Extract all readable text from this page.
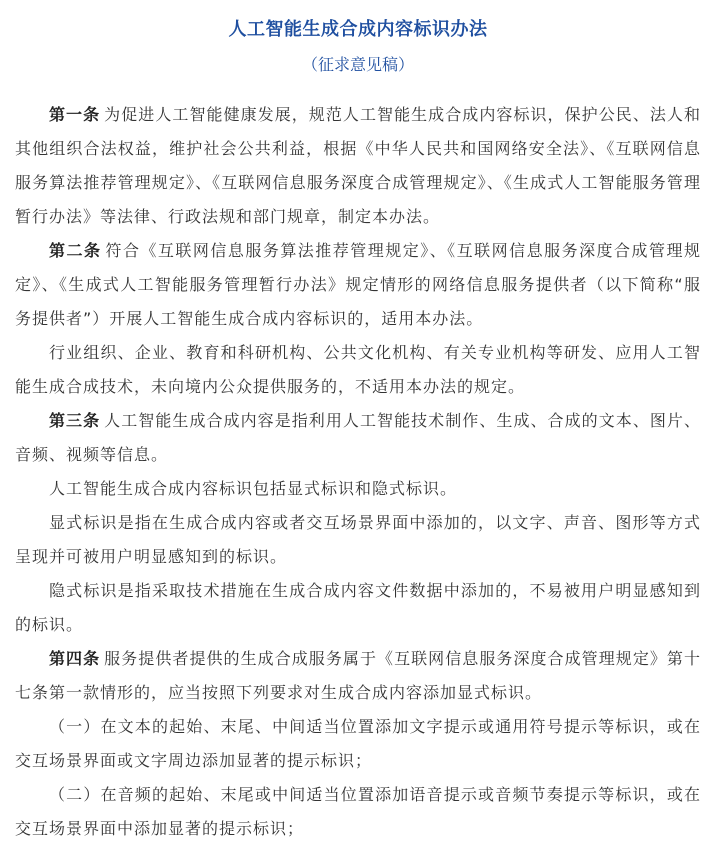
人工智能生成合成内容标识办法
（征求意见稿）

第一条 为促进人工智能健康发展，规范人工智能生成合成内容标识，保护公民、法人和其他组织合法权益，维护社会公共利益，根据《中华人民共和国网络安全法》、《互联网信息服务算法推荐管理规定》、《互联网信息服务深度合成管理规定》、《生成式人工智能服务管理暂行办法》等法律、行政法规和部门规章，制定本办法。

第二条 符合《互联网信息服务算法推荐管理规定》、《互联网信息服务深度合成管理规定》、《生成式人工智能服务管理暂行办法》规定情形的网络信息服务提供者（以下简称“服务提供者”）开展人工智能生成合成内容标识的，适用本办法。

行业组织、企业、教育和科研机构、公共文化机构、有关专业机构等研发、应用人工智能生成合成技术，未向境内公众提供服务的，不适用本办法的规定。

第三条 人工智能生成合成内容是指利用人工智能技术制作、生成、合成的文本、图片、音频、视频等信息。

人工智能生成合成内容标识包括显式标识和隐式标识。

显式标识是指在生成合成内容或者交互场景界面中添加的，以文字、声音、图形等方式呈现并可被用户明显感知到的标识。

隐式标识是指采取技术措施在生成合成内容文件数据中添加的，不易被用户明显感知到的标识。

第四条 服务提供者提供的生成合成服务属于《互联网信息服务深度合成管理规定》第十七条第一款情形的，应当按照下列要求对生成合成内容添加显式标识。

（一）在文本的起始、末尾、中间适当位置添加文字提示或通用符号提示等标识，或在交互场景界面或文字周边添加显著的提示标识；

（二）在音频的起始、末尾或中间适当位置添加语音提示或音频节奏提示等标识，或在交互场景界面中添加显著的提示标识；
